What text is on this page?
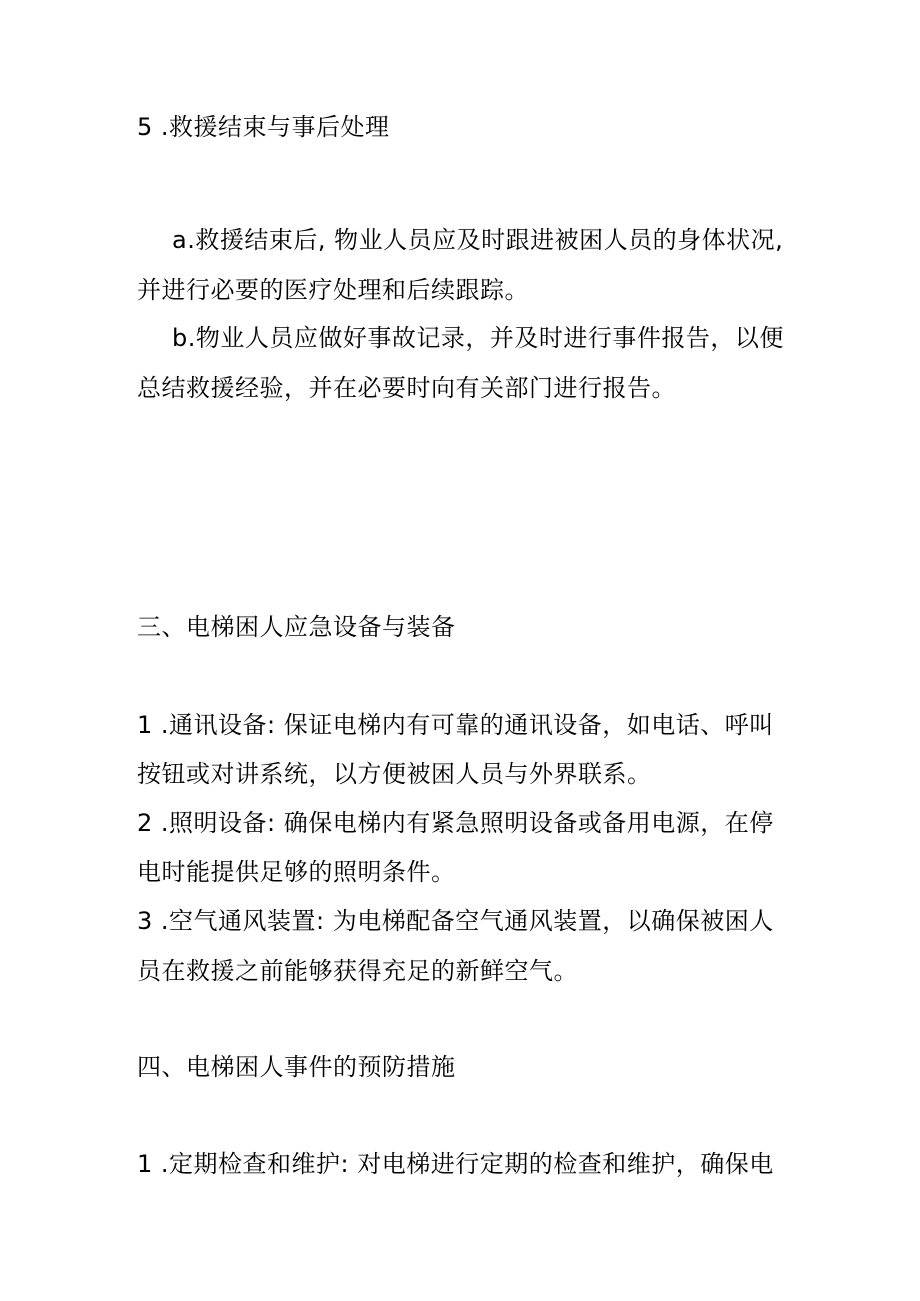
5 .救援结束与事后处理
a.救援结束后, 物业人员应及时跟进被困人员的身体状况,
并进行必要的医疗处理和后续跟踪。
b.物业人员应做好事故记录，并及时进行事件报告，以便
总结救援经验，并在必要时向有关部门进行报告。
三、电梯困人应急设备与装备
1 .通讯设备: 保证电梯内有可靠的通讯设备，如电话、呼叫
按钮或对讲系统，以方便被困人员与外界联系。
2 .照明设备: 确保电梯内有紧急照明设备或备用电源，在停
电时能提供足够的照明条件。
3 .空气通风装置: 为电梯配备空气通风装置，以确保被困人
员在救援之前能够获得充足的新鲜空气。
四、电梯困人事件的预防措施
1 .定期检查和维护: 对电梯进行定期的检查和维护，确保电
